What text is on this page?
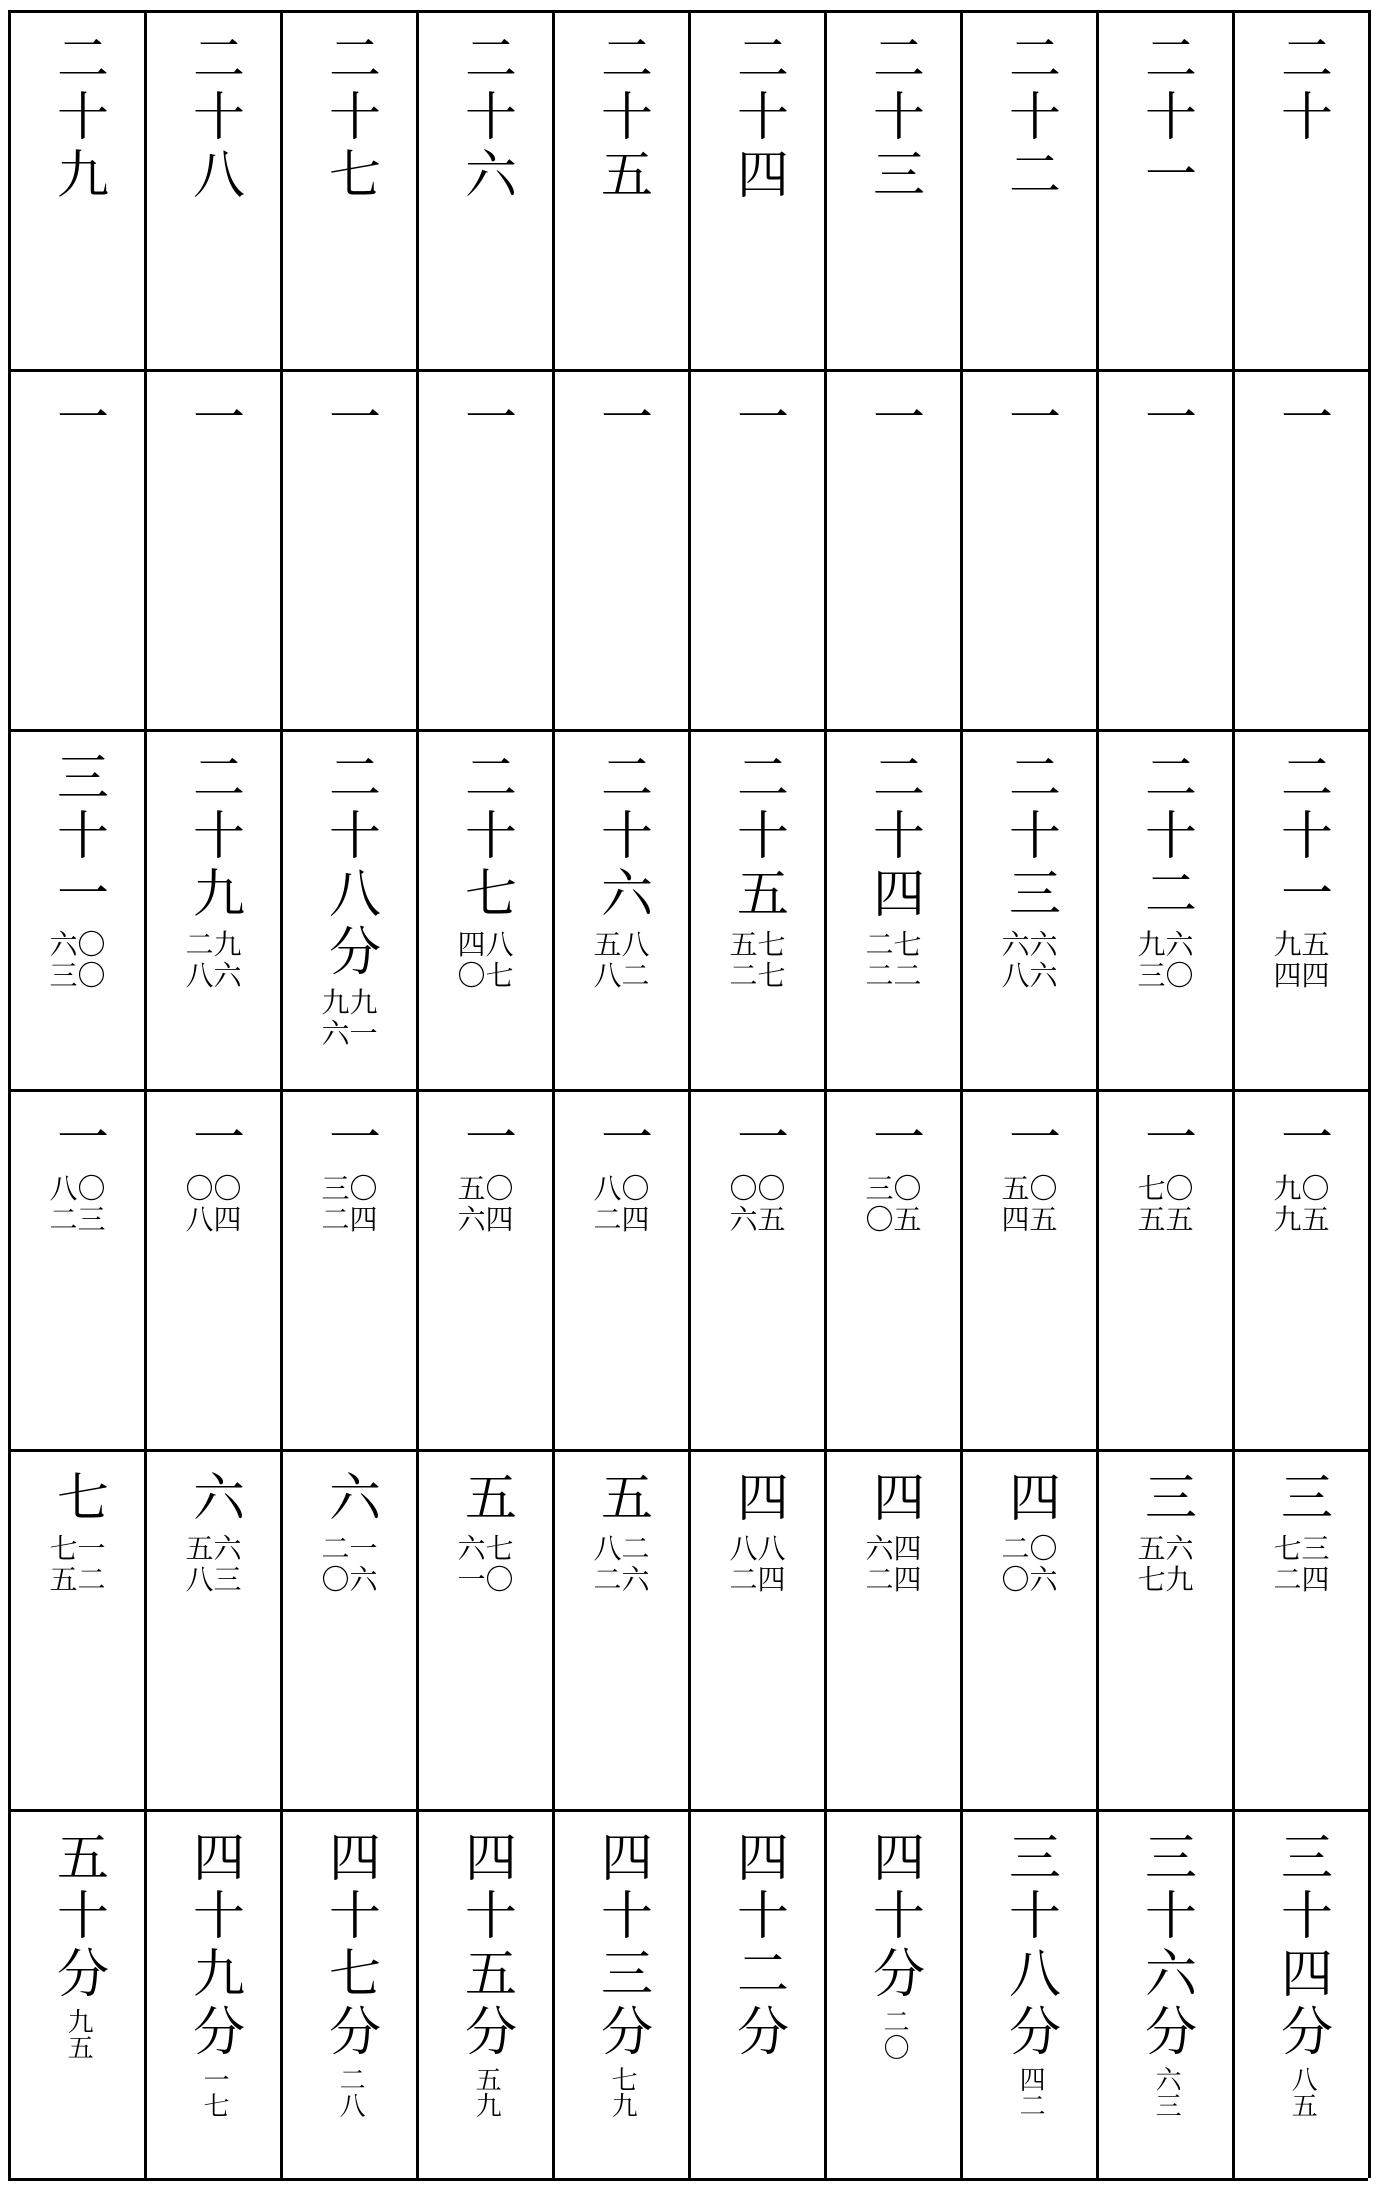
二十九 二十八 二十七 二十六 二十五 二十四 二十三 二十二 二十一 二十
一 一 一 一 一 一 一 一 一 一
三十一
六〇
三〇
二十九
二九
八六 二十八分
九九
六一
二十七
四八
〇七
二十六
五八
八二
二十五
五七
二七
二十四
二七
二二
二十三
六六
八六
二十二
九六
三〇
二十一
九五
四四
一
八〇
二三
一
〇〇
八四
一
三〇
二四
一
五〇
六四
一
八〇
二四
一
〇〇
六五
一
三〇
〇五
一
五〇
四五
一
七〇
五五
一
九〇
九五
七
七一
五二
六
五六
八三
六
二一
〇六
五
六七
一〇
五
八二
二六
四
八八
二四
四
六四
二四
四
二〇
〇六
三
五六
七九
三
七三
二四
五十分
九五 四十九分
一七
四十七分
二八
四十五分
五九
四十三分
七九
四十二分 四十分
二〇 三十八分
四二
三十六分
六三
三十四分
八五
